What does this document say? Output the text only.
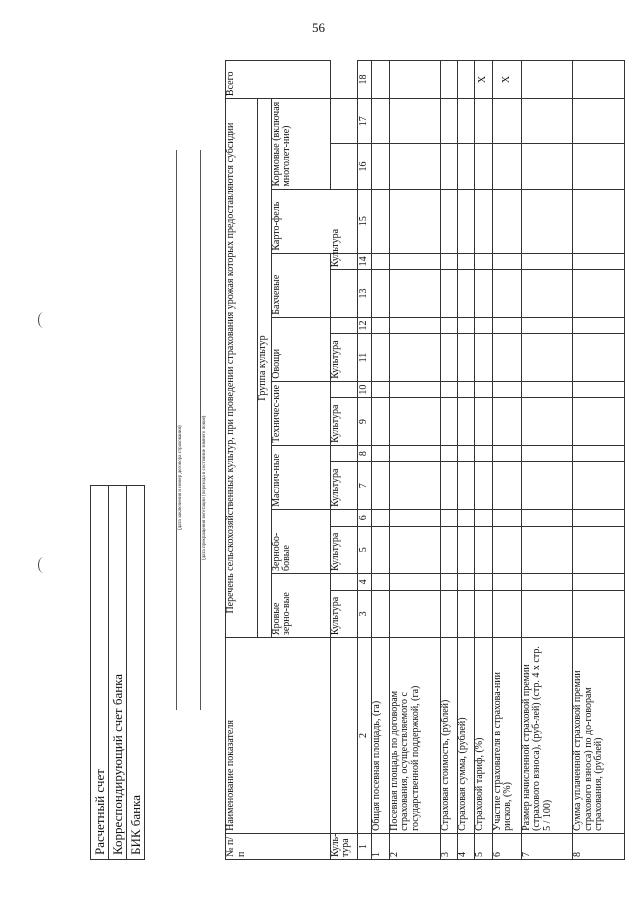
56
Расчетный счет
Корреспондирующий счет банка
БИК банка
(дата заключения и номер договора страхования)	(дата прекращения вегетации (перехода в состояние зимнего покоя)
№ п/п	Наименование показателя	Перечень сельскохозяйственных культур, при проведении страхования урожая которых предоставляются субсидии															Всего
		Группа культур															
		Яровые зерно-вые		Зернобо-бовые		Маслич-ные		Техничес-кие		Овощи		Бахчевые		Карто-фель	Кормовые (включая многолет-ние)		
Куль-тура		Культура		Культура		Культура		Культура		Культура			Культура				
1	2	3	4	5	6	7	8	9	10	11	12	13	14	15	16	17	18
1	Общая посевная площадь, (га)																
2	Посевная площадь по договорам страхования, осуществляемого с государственной поддержкой, (га)																
3	Страховая стоимость, (рублей)																
4	Страховая сумма, (рублей)																
5	Страховой тариф, (%)																X
6	Участие страхователя в страхова-нии рисков, (%)																X
7	Размер начисленной страховой премии (страхового взноса), (руб-лей) (стр. 4 х стр. 5 / 100)																
8	Сумма уплаченной страховой премии страхового взноса) по до-говорам страхования, (рублей)																
